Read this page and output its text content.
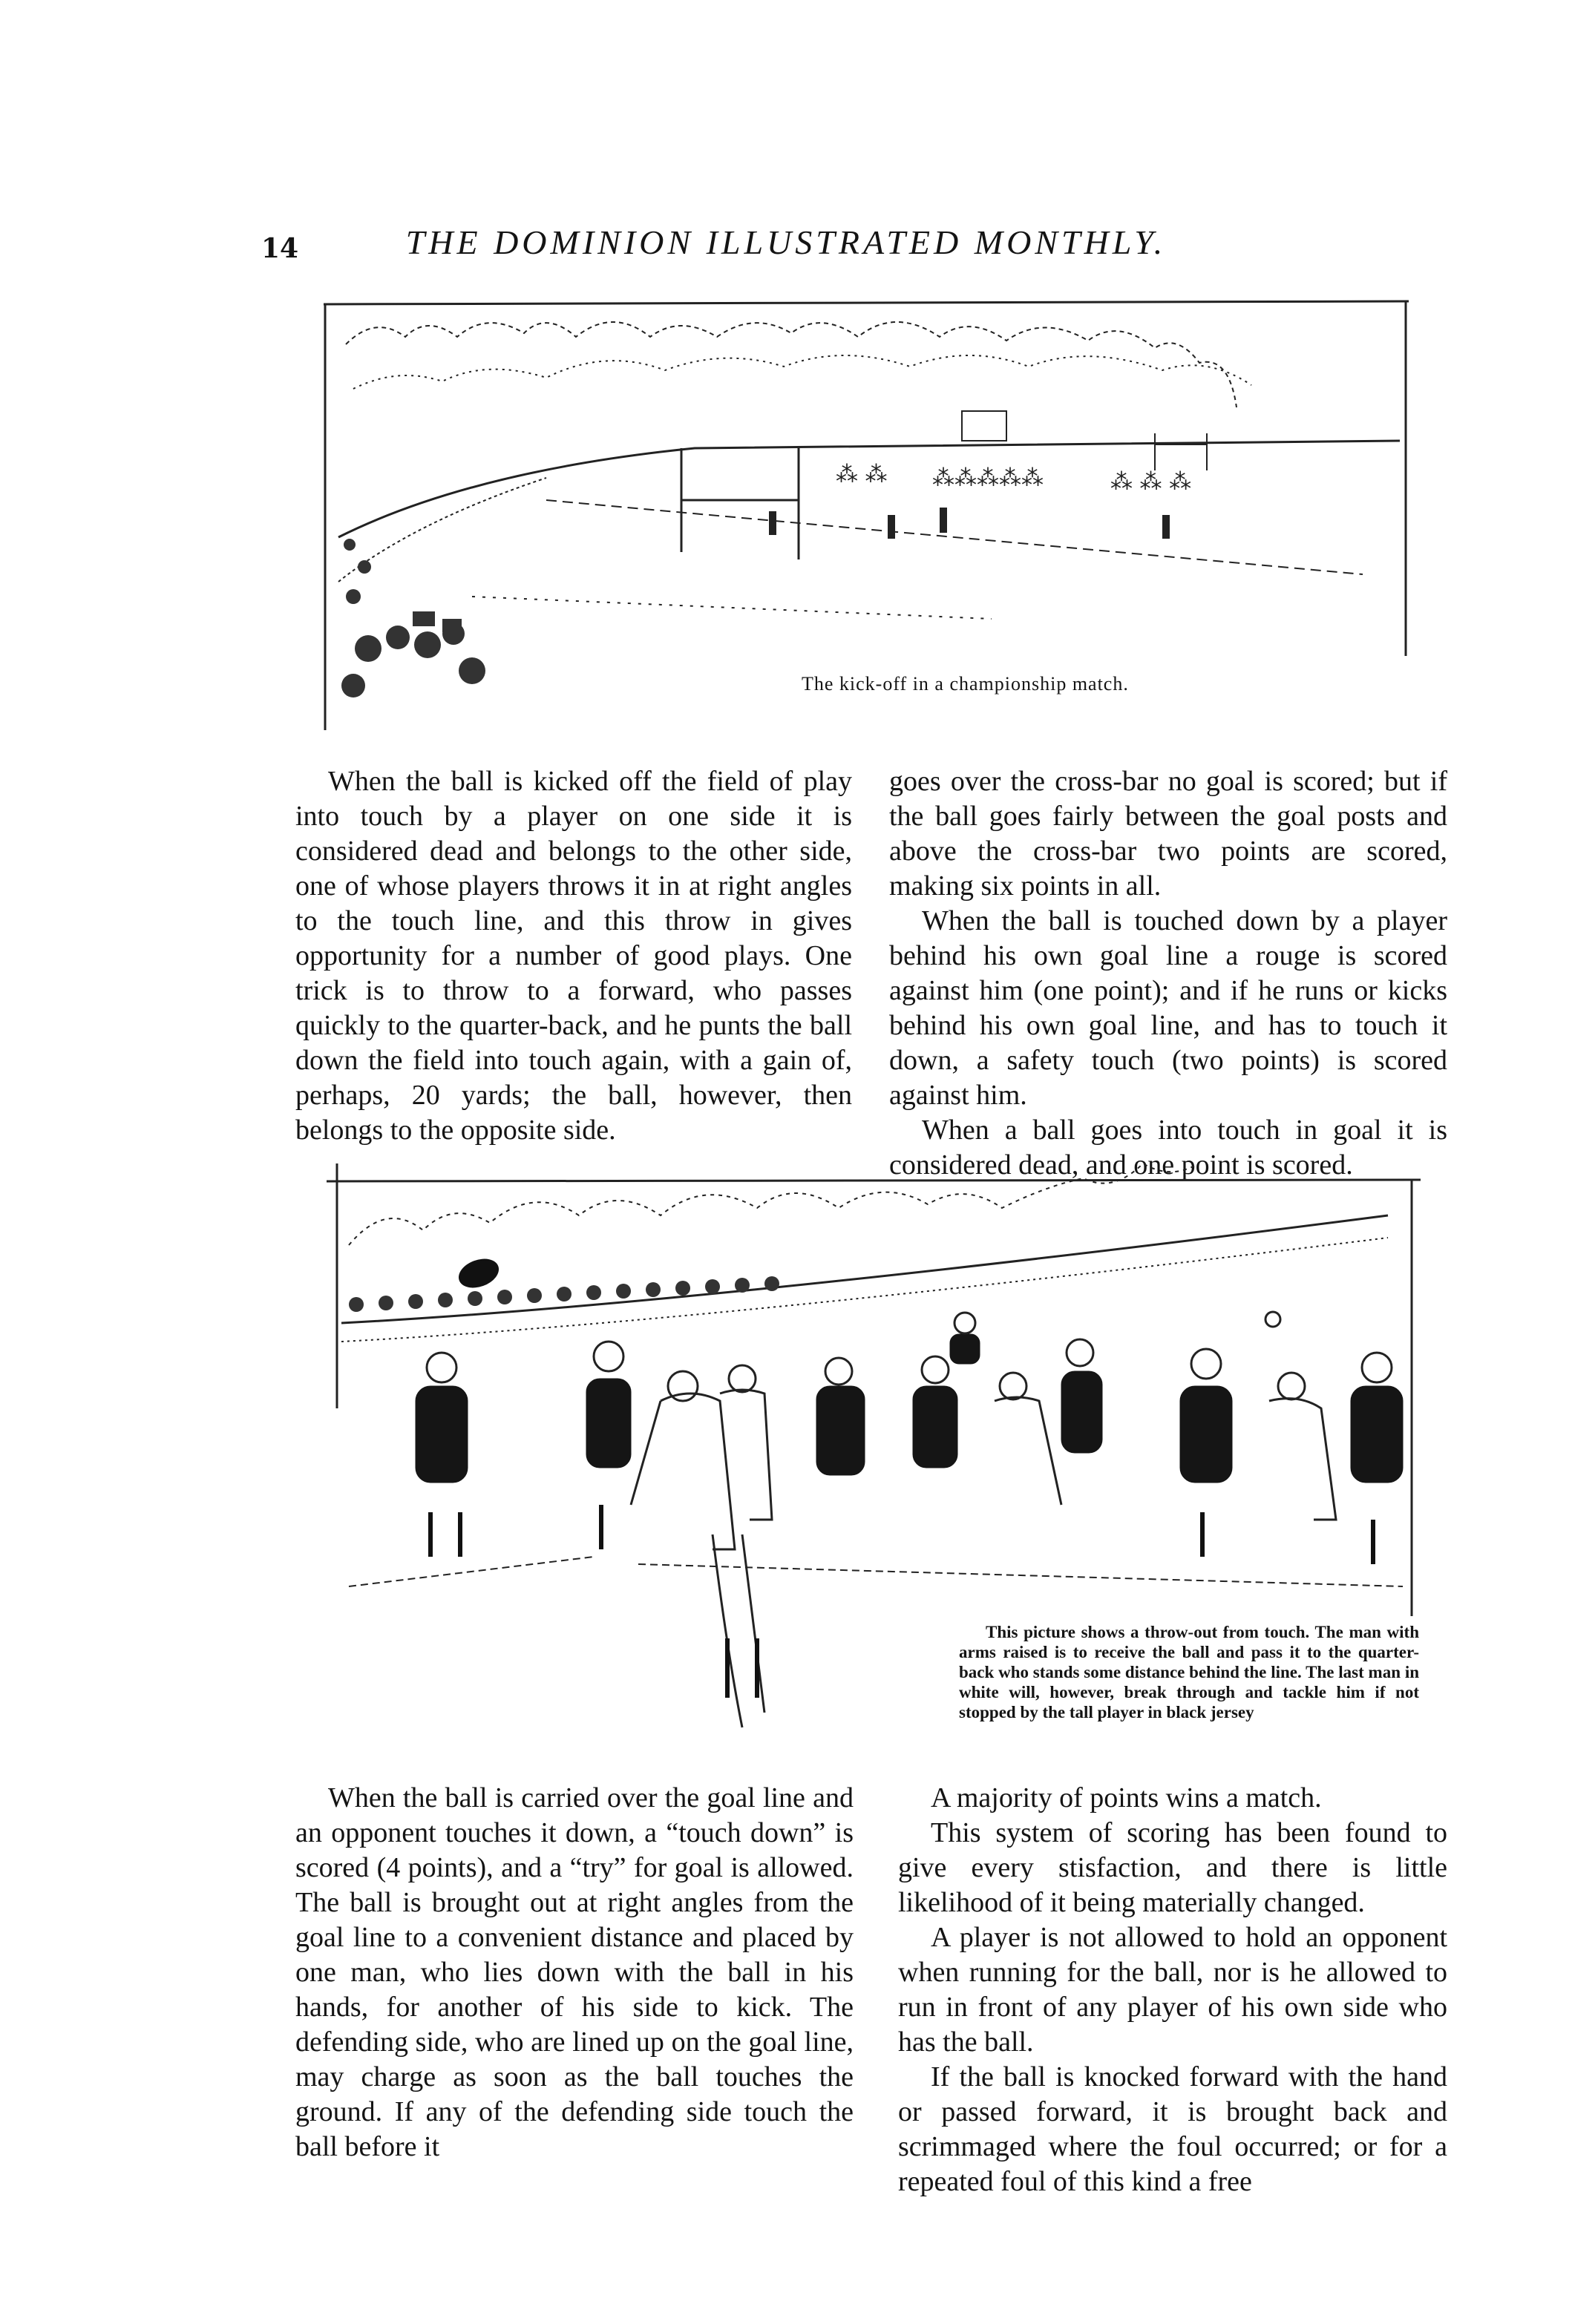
14	THE DOMINION ILLUSTRATED MONTHLY.
⁂ ⁂ ⁂⁂⁂⁂⁂	⁂ ⁂ ⁂
The kick-off in a championship match.

When the ball is kicked off the field of play into touch by a player on one side it is considered dead and belongs to the other side, one of whose players throws it in at right angles to the touch line, and this throw in gives opportunity for a number of good plays. One trick is to throw to a forward, who passes quickly to the quarter-back, and he punts the ball down the field into touch again, with a gain of, perhaps, 20 yards; the ball, however, then belongs to the opposite side.

goes over the cross-bar no goal is scored; but if the ball goes fairly between the goal posts and above the cross-bar two points are scored, making six points in all.

When the ball is touched down by a player behind his own goal line a rouge is scored against him (one point); and if he runs or kicks behind his own goal line, and has to touch it down, a safety touch (two points) is scored against him.

When a ball goes into touch in goal it is considered dead, and one point is scored.

This picture shows a throw-out from touch. The man with arms raised is to receive the ball and pass it to the quarter-back who stands some distance behind the line. The last man in white will, however, break through and tackle him if not stopped by the tall player in black jersey

When the ball is carried over the goal line and an opponent touches it down, a “touch down” is scored (4 points), and a “try” for goal is allowed. The ball is brought out at right angles from the goal line to a convenient distance and placed by one man, who lies down with the ball in his hands, for another of his side to kick. The defending side, who are lined up on the goal line, may charge as soon as the ball touches the ground. If any of the defending side touch the ball before it

A majority of points wins a match.

This system of scoring has been found to give every stisfaction, and there is little likelihood of it being materially changed.

A player is not allowed to hold an opponent when running for the ball, nor is he allowed to run in front of any player of his own side who has the ball.

If the ball is knocked forward with the hand or passed forward, it is brought back and scrimmaged where the foul occurred; or for a repeated foul of this kind a free
